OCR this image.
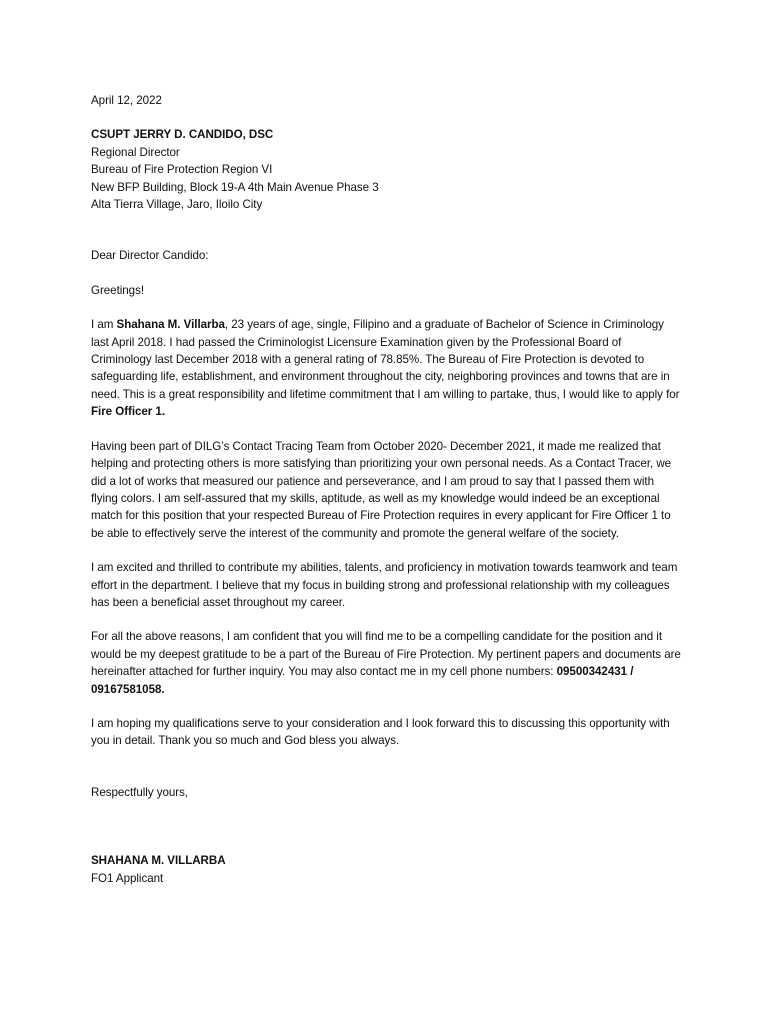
April 12, 2022

CSUPT JERRY D. CANDIDO, DSC
Regional Director
Bureau of Fire Protection Region VI
New BFP Building, Block 19-A 4th Main Avenue Phase 3
Alta Tierra Village, Jaro, Iloilo City

Dear Director Candido:

Greetings!

I am Shahana M. Villarba, 23 years of age, single, Filipino and a graduate of Bachelor of Science in Criminology last April 2018. I had passed the Criminologist Licensure Examination given by the Professional Board of Criminology last December 2018 with a general rating of 78.85%. The Bureau of Fire Protection is devoted to safeguarding life, establishment, and environment throughout the city, neighboring provinces and towns that are in need. This is a great responsibility and lifetime commitment that I am willing to partake, thus, I would like to apply for Fire Officer 1.

Having been part of DILG’s Contact Tracing Team from October 2020- December 2021, it made me realized that helping and protecting others is more satisfying than prioritizing your own personal needs. As a Contact Tracer, we did a lot of works that measured our patience and perseverance, and I am proud to say that I passed them with flying colors. I am self-assured that my skills, aptitude, as well as my knowledge would indeed be an exceptional match for this position that your respected Bureau of Fire Protection requires in every applicant for Fire Officer 1 to be able to effectively serve the interest of the community and promote the general welfare of the society.

I am excited and thrilled to contribute my abilities, talents, and proficiency in motivation towards teamwork and team effort in the department. I believe that my focus in building strong and professional relationship with my colleagues has been a beneficial asset throughout my career.

For all the above reasons, I am confident that you will find me to be a compelling candidate for the position and it would be my deepest gratitude to be a part of the Bureau of Fire Protection. My pertinent papers and documents are hereinafter attached for further inquiry. You may also contact me in my cell phone numbers: 09500342431 / 09167581058.

I am hoping my qualifications serve to your consideration and I look forward this to discussing this opportunity with you in detail. Thank you so much and God bless you always.

Respectfully yours,

SHAHANA M. VILLARBA
FO1 Applicant
